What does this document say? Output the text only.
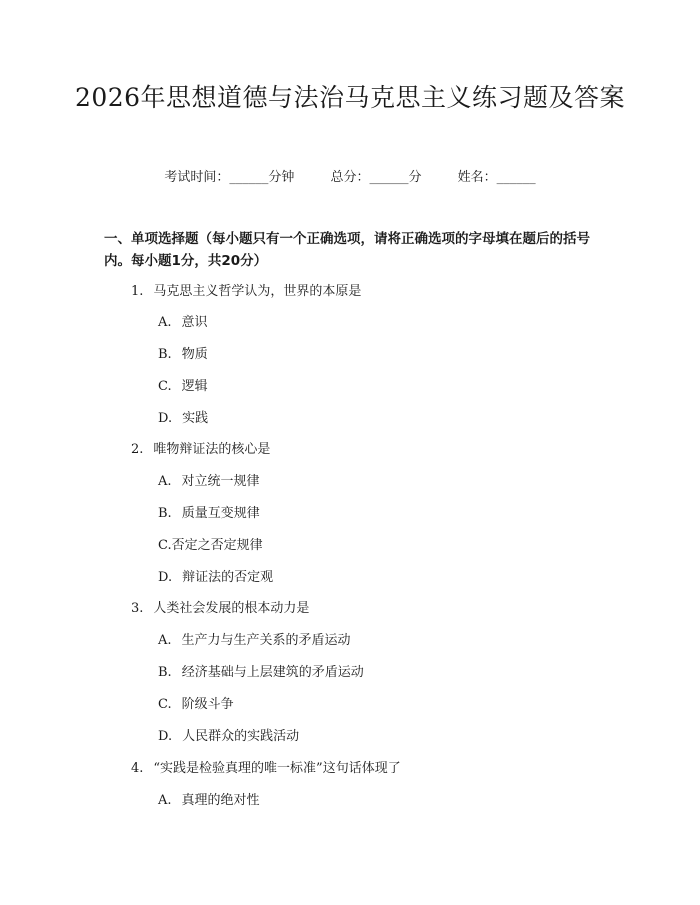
2026年思想道德与法治马克思主义练习题及答案
考试时间：______分钟	总分：______分	姓名：______
一、单项选择题（每小题只有一个正确选项，请将正确选项的字母填在题后的括号内。每小题1分，共20分）
1. 马克思主义哲学认为，世界的本原是
A. 意识
B. 物质
C. 逻辑
D. 实践
2. 唯物辩证法的核心是
A. 对立统一规律
B. 质量互变规律
C.否定之否定规律
D. 辩证法的否定观
3. 人类社会发展的根本动力是
A. 生产力与生产关系的矛盾运动
B. 经济基础与上层建筑的矛盾运动
C. 阶级斗争
D. 人民群众的实践活动
4. “实践是检验真理的唯一标准”这句话体现了
A. 真理的绝对性
